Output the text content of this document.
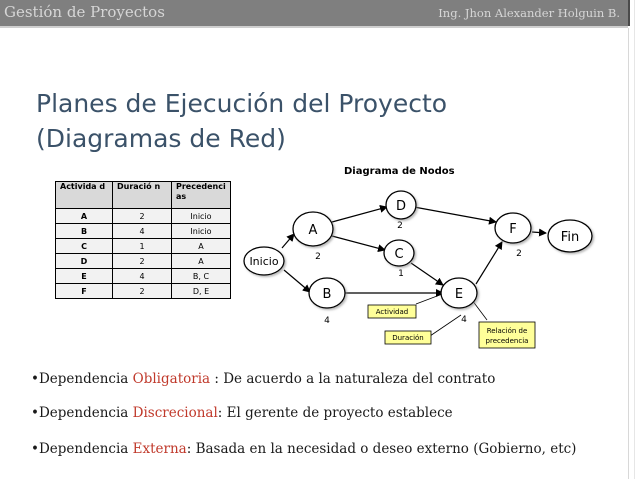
Gestión de Proyectos	Ing. Jhon Alexander Holguin B.
Planes de Ejecución del Proyecto
(Diagramas de Red)
Activida d	Duració n	Precedenci as
A	2	Inicio
B	4	Inicio
C	1	A
D	2	A
E	4	B, C
F	2	D, E
Diagrama de Nodos
Inicio
A
B
C
D
E
F
Fin
2
4
1
2
4
2
Actividad
Duración
Relación de
precedencia
•Dependencia Obligatoria : De acuerdo a la naturaleza del contrato
•Dependencia Discrecional: El gerente de proyecto establece
•Dependencia Externa: Basada en la necesidad o deseo externo (Gobierno, etc)
